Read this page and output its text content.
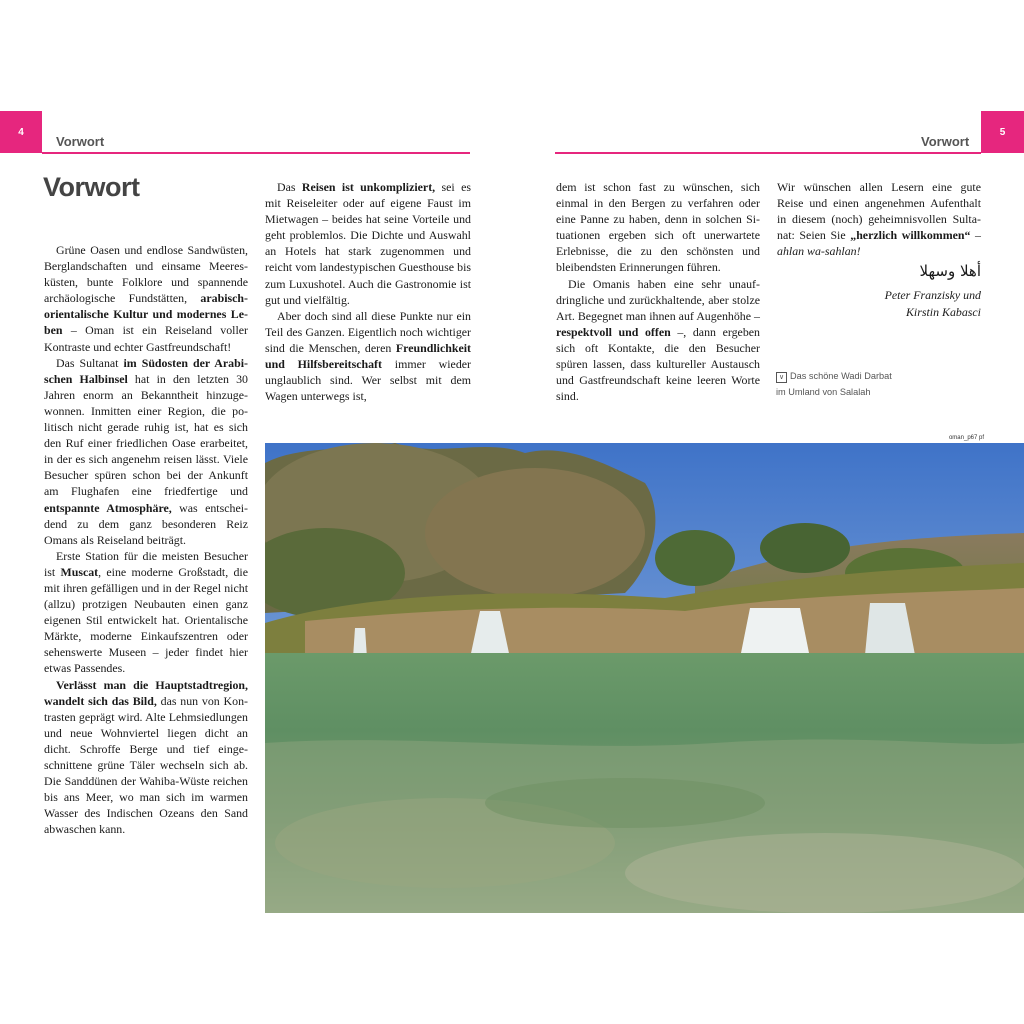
4
Vorwort	Vorwort
5
Vorwort

Grüne Oasen und endlose Sandwüsten, Berglandschaften und einsame Meeresküsten, bunte Folklore und spannende archäologische Fundstätten, arabisch-orientalische Kultur und modernes Leben – Oman ist ein Reiseland voller Kontraste und echter Gastfreundschaft!

Das Sultanat im Südosten der Arabischen Halbinsel hat in den letzten 30 Jahren enorm an Bekanntheit hinzugewonnen. Inmitten einer Region, die politisch nicht gerade ruhig ist, hat es sich den Ruf einer friedlichen Oase erarbeitet, in der es sich angenehm reisen lässt. Viele Besucher spüren schon bei der Ankunft am Flughafen eine friedfertige und entspannte Atmosphäre, was entscheidend zu dem ganz besonderen Reiz Omans als Reiseland beiträgt.

Erste Station für die meisten Besucher ist Muscat, eine moderne Großstadt, die mit ihren gefälligen und in der Regel nicht (allzu) protzigen Neubauten einen ganz eigenen Stil entwickelt hat. Orientalische Märkte, moderne Einkaufszentren oder sehenswerte Museen – jeder findet hier etwas Passendes.

Verlässt man die Hauptstadtregion, wandelt sich das Bild, das nun von Kontrasten geprägt wird. Alte Lehmsiedlungen und neue Wohnviertel liegen dicht an dicht. Schroffe Berge und tief eingeschnittene grüne Täler wechseln sich ab. Die Sanddünen der Wahiba-Wüste reichen bis ans Meer, wo man sich im warmen Wasser des Indischen Ozeans den Sand abwaschen kann.

Das Reisen ist unkompliziert, sei es mit Reiseleiter oder auf eigene Faust im Mietwagen – beides hat seine Vorteile und geht problemlos. Die Dichte und Auswahl an Hotels hat stark zugenommen und reicht vom landestypischen Guesthouse bis zum Luxushotel. Auch die Gastronomie ist gut und vielfältig.

Aber doch sind all diese Punkte nur ein Teil des Ganzen. Eigentlich noch wichtiger sind die Menschen, deren Freundlichkeit und Hilfsbereitschaft immer wieder unglaublich sind. Wer selbst mit dem Wagen unterwegs ist,

dem ist schon fast zu wünschen, sich einmal in den Bergen zu verfahren oder eine Panne zu haben, denn in solchen Situationen ergeben sich oft unerwartete Erlebnisse, die zu den schönsten und bleibendsten Erinnerungen führen.

Die Omanis haben eine sehr unaufdringliche und zurückhaltende, aber stolze Art. Begegnet man ihnen auf Augenhöhe – respektvoll und offen –, dann ergeben sich oft Kontakte, die den Besucher spüren lassen, dass kultureller Austausch und Gastfreundschaft keine leeren Worte sind.

Wir wünschen allen Lesern eine gute Reise und einen angenehmen Aufenthalt in diesem (noch) geheimnisvollen Sultanat: Seien Sie „herzlich willkommen“ – ahlan wa-sahlan!

أهلا وسهلا
Peter Franzisky und
Kirstin Kabasci
∨ Das schöne Wadi Darbat
im Umland von Salalah
oman_p67 pf
